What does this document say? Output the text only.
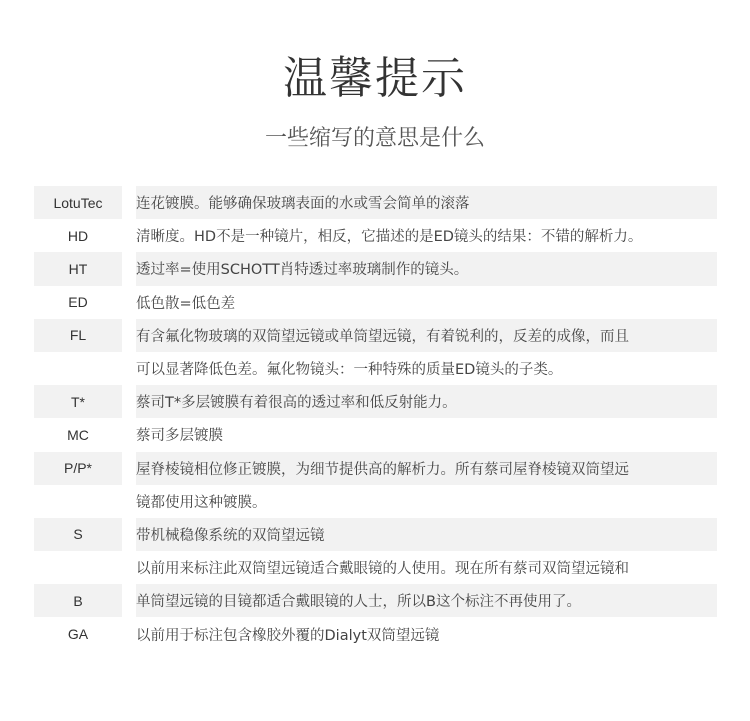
温馨提示
一些缩写的意思是什么
LotuTec	连花镀膜。能够确保玻璃表面的水或雪会简单的滚落
HD	清晰度。HD不是一种镜片，相反，它描述的是ED镜头的结果：不错的解析力。
HT	透过率=使用SCHOTT肖特透过率玻璃制作的镜头。
ED	低色散=低色差
FL	有含氟化物玻璃的双筒望远镜或单筒望远镜，有着锐利的，反差的成像，而且
可以显著降低色差。氟化物镜头：一种特殊的质量ED镜头的子类。
T*	蔡司T*多层镀膜有着很高的透过率和低反射能力。
MC	蔡司多层镀膜
P/P*	屋脊棱镜相位修正镀膜，为细节提供高的解析力。所有蔡司屋脊棱镜双筒望远
镜都使用这种镀膜。
S	带机械稳像系统的双筒望远镜
以前用来标注此双筒望远镜适合戴眼镜的人使用。现在所有蔡司双筒望远镜和
B	单筒望远镜的目镜都适合戴眼镜的人士，所以B这个标注不再使用了。
GA	以前用于标注包含橡胶外覆的Dialyt双筒望远镜
